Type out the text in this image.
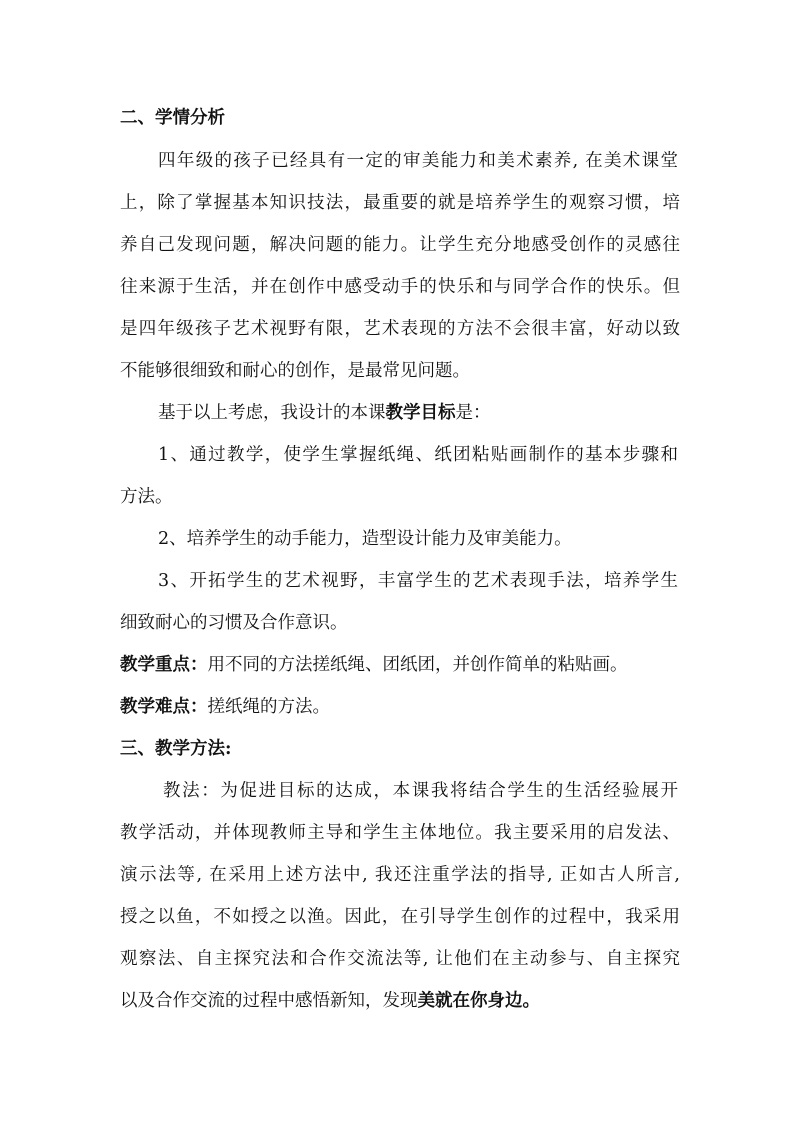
二、学情分析
四年级的孩子已经具有一定的审美能力和美术素养, 在美术课堂
上，除了掌握基本知识技法，最重要的就是培养学生的观察习惯，培
养自己发现问题，解决问题的能力。让学生充分地感受创作的灵感往
往来源于生活，并在创作中感受动手的快乐和与同学合作的快乐。但
是四年级孩子艺术视野有限，艺术表现的方法不会很丰富，好动以致
不能够很细致和耐心的创作，是最常见问题。
基于以上考虑，我设计的本课教学目标是：
1、通过教学，使学生掌握纸绳、纸团粘贴画制作的基本步骤和
方法。
2、培养学生的动手能力，造型设计能力及审美能力。
3、开拓学生的艺术视野，丰富学生的艺术表现手法，培养学生
细致耐心的习惯及合作意识。
教学重点：用不同的方法搓纸绳、团纸团，并创作简单的粘贴画。
教学难点：搓纸绳的方法。
三、教学方法:
教法：为促进目标的达成，本课我将结合学生的生活经验展开
教学活动，并体现教师主导和学生主体地位。我主要采用的启发法、
演示法等, 在采用上述方法中, 我还注重学法的指导, 正如古人所言,
授之以鱼，不如授之以渔。因此，在引导学生创作的过程中，我采用
观察法、自主探究法和合作交流法等, 让他们在主动参与、自主探究
以及合作交流的过程中感悟新知，发现美就在你身边。
